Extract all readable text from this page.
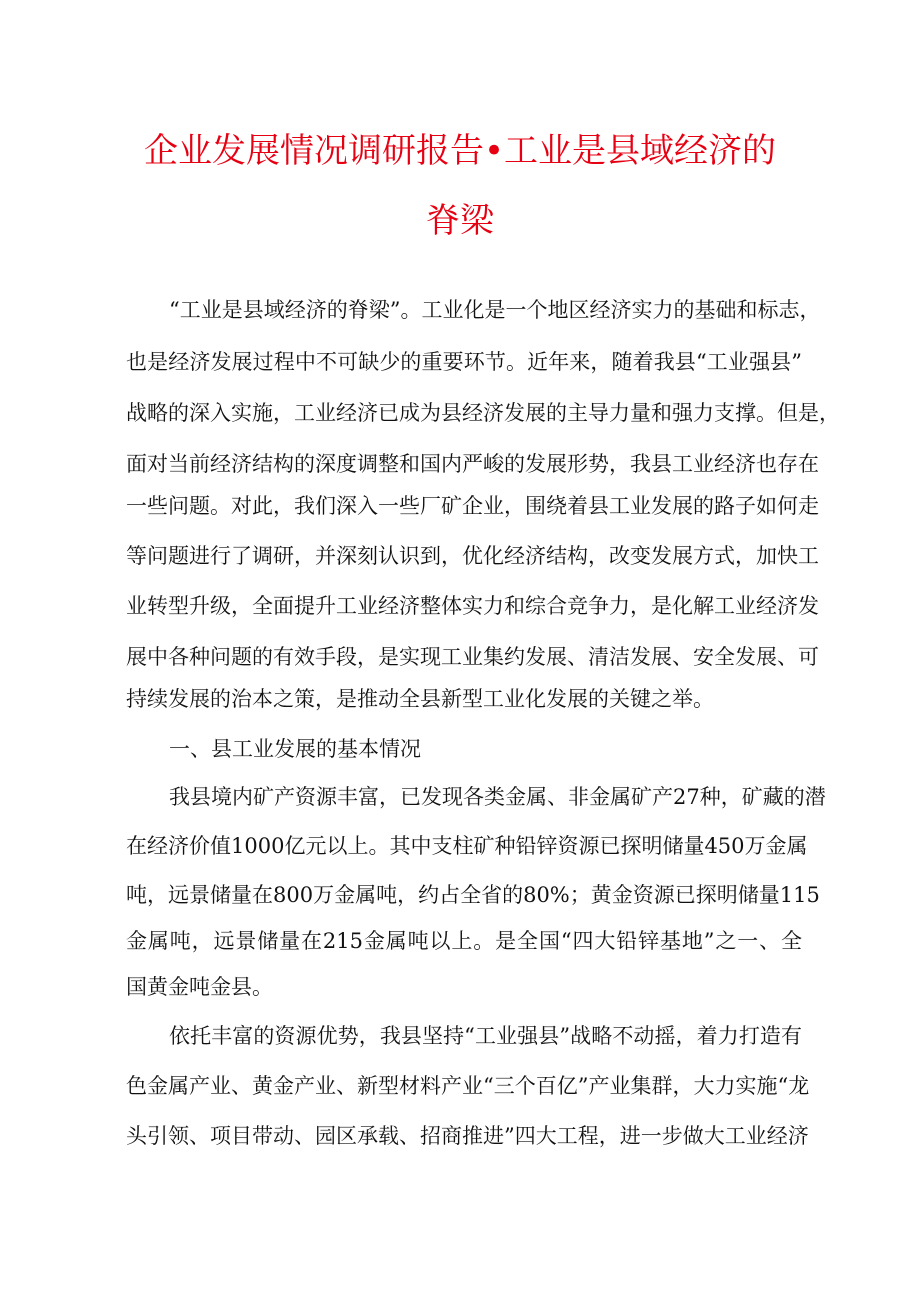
企业发展情况调研报告•工业是县域经济的
脊梁
“工业是县域经济的脊梁”。工业化是一个地区经济实力的基础和标志，
也是经济发展过程中不可缺少的重要环节。近年来，随着我县“工业强县”
战略的深入实施，工业经济已成为县经济发展的主导力量和强力支撑。但是，
面对当前经济结构的深度调整和国内严峻的发展形势，我县工业经济也存在
一些问题。对此，我们深入一些厂矿企业，围绕着县工业发展的路子如何走
等问题进行了调研，并深刻认识到，优化经济结构，改变发展方式，加快工
业转型升级，全面提升工业经济整体实力和综合竞争力，是化解工业经济发
展中各种问题的有效手段，是实现工业集约发展、清洁发展、安全发展、可
持续发展的治本之策，是推动全县新型工业化发展的关键之举。
一、县工业发展的基本情况
我县境内矿产资源丰富，已发现各类金属、非金属矿产27种，矿藏的潜
在经济价值1000亿元以上。其中支柱矿种铅锌资源已探明储量450万金属
吨，远景储量在800万金属吨，约占全省的80%；黄金资源已探明储量115
金属吨，远景储量在215金属吨以上。是全国“四大铅锌基地”之一、全
国黄金吨金县。
依托丰富的资源优势，我县坚持“工业强县”战略不动摇，着力打造有
色金属产业、黄金产业、新型材料产业“三个百亿”产业集群，大力实施“龙
头引领、项目带动、园区承载、招商推进”四大工程，进一步做大工业经济
